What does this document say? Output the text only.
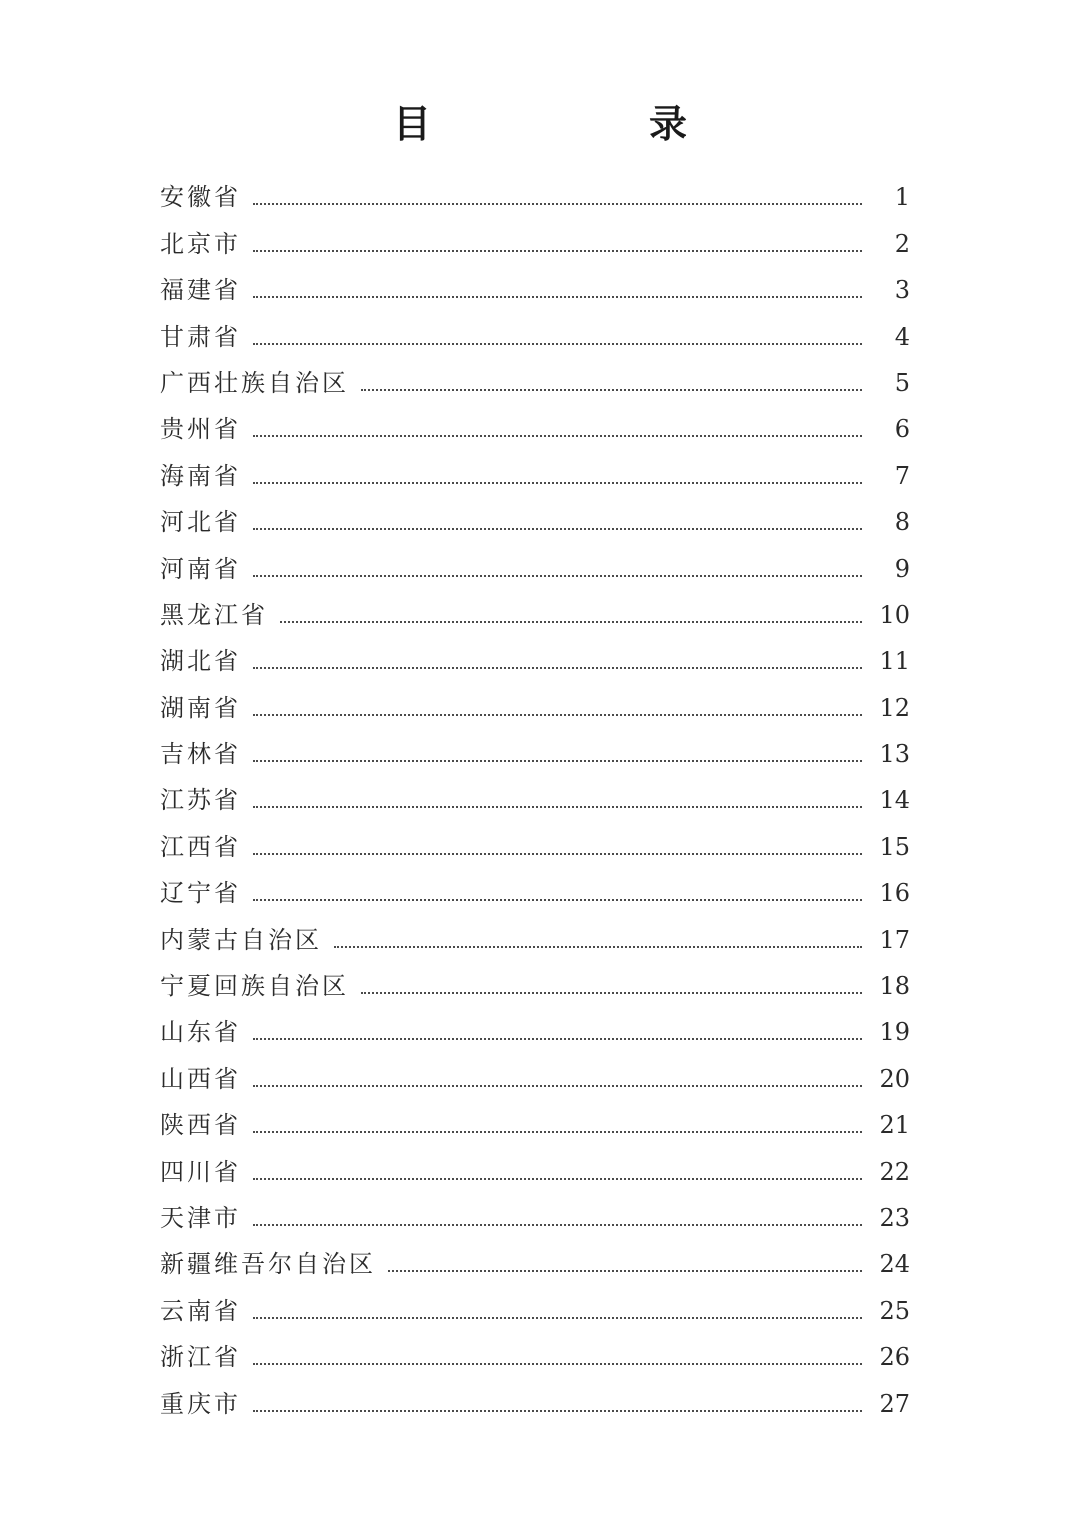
目　录
安徽省	1
北京市	2
福建省	3
甘肃省	4
广西壮族自治区	5
贵州省	6
海南省	7
河北省	8
河南省	9
黑龙江省	10
湖北省	11
湖南省	12
吉林省	13
江苏省	14
江西省	15
辽宁省	16
内蒙古自治区	17
宁夏回族自治区	18
山东省	19
山西省	20
陕西省	21
四川省	22
天津市	23
新疆维吾尔自治区	24
云南省	25
浙江省	26
重庆市	27
